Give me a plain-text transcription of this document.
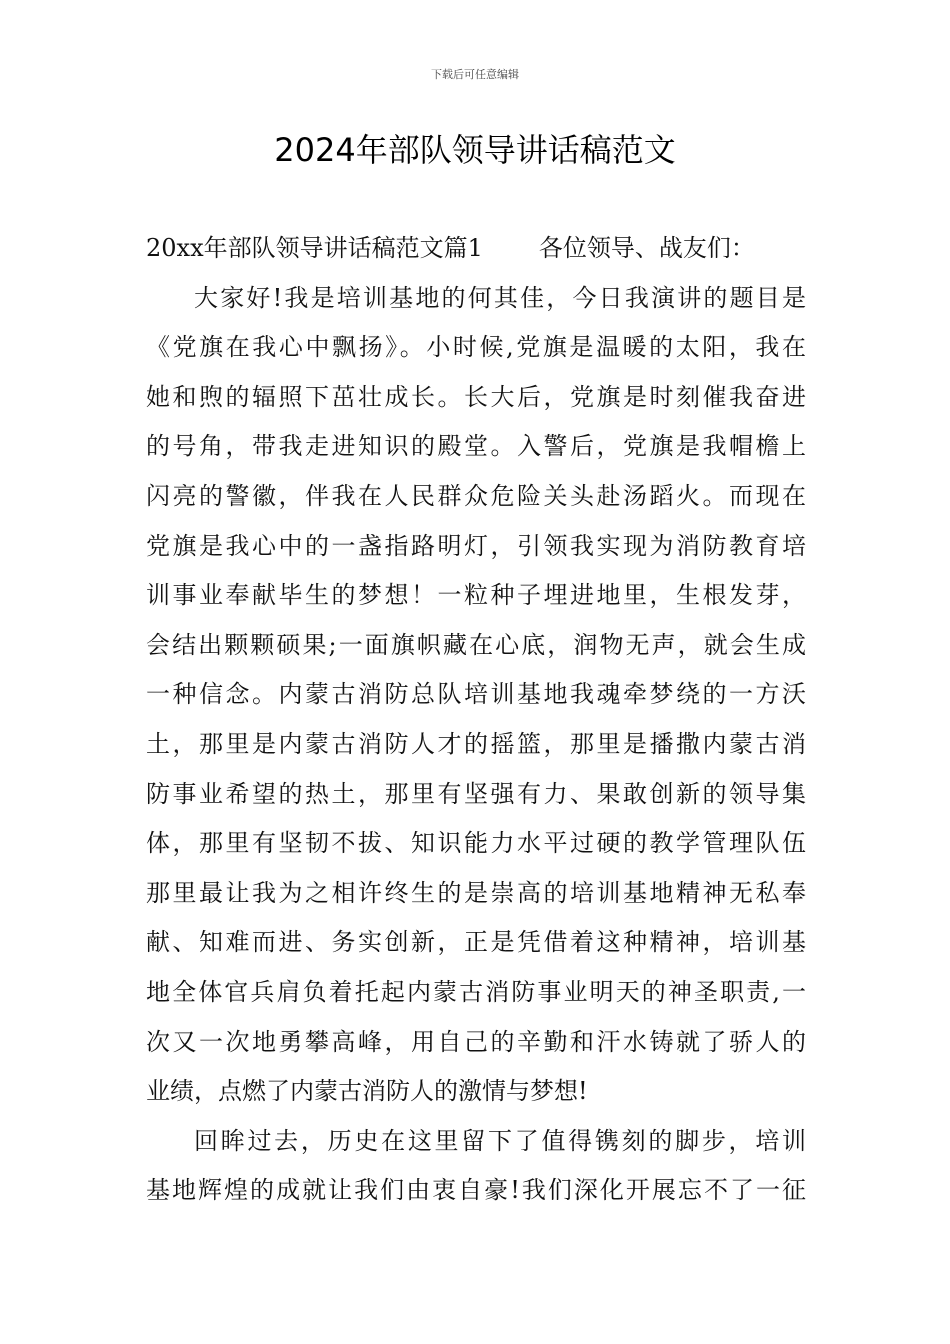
下载后可任意编辑
2024年部队领导讲话稿范文
20xx年部队领导讲话稿范文篇1 各位领导、战友们：
大家好!我是培训基地的何其佳，今日我演讲的题目是
《党旗在我心中飘扬》。小时候,党旗是温暖的太阳，我在
她和煦的辐照下茁壮成长。长大后，党旗是时刻催我奋进
的号角，带我走进知识的殿堂。入警后，党旗是我帽檐上
闪亮的警徽，伴我在人民群众危险关头赴汤蹈火。而现在
党旗是我心中的一盏指路明灯，引领我实现为消防教育培
训事业奉献毕生的梦想！一粒种子埋进地里，生根发芽，
会结出颗颗硕果;一面旗帜藏在心底，润物无声，就会生成
一种信念。内蒙古消防总队培训基地我魂牵梦绕的一方沃
土，那里是内蒙古消防人才的摇篮，那里是播撒内蒙古消
防事业希望的热土，那里有坚强有力、果敢创新的领导集
体，那里有坚韧不拔、知识能力水平过硬的教学管理队伍
那里最让我为之相许终生的是崇高的培训基地精神无私奉
献、知难而进、务实创新，正是凭借着这种精神，培训基
地全体官兵肩负着托起内蒙古消防事业明天的神圣职责,一
次又一次地勇攀高峰，用自己的辛勤和汗水铸就了骄人的
业绩，点燃了内蒙古消防人的激情与梦想!
回眸过去，历史在这里留下了值得镌刻的脚步，培训
基地辉煌的成就让我们由衷自豪!我们深化开展忘不了一征
